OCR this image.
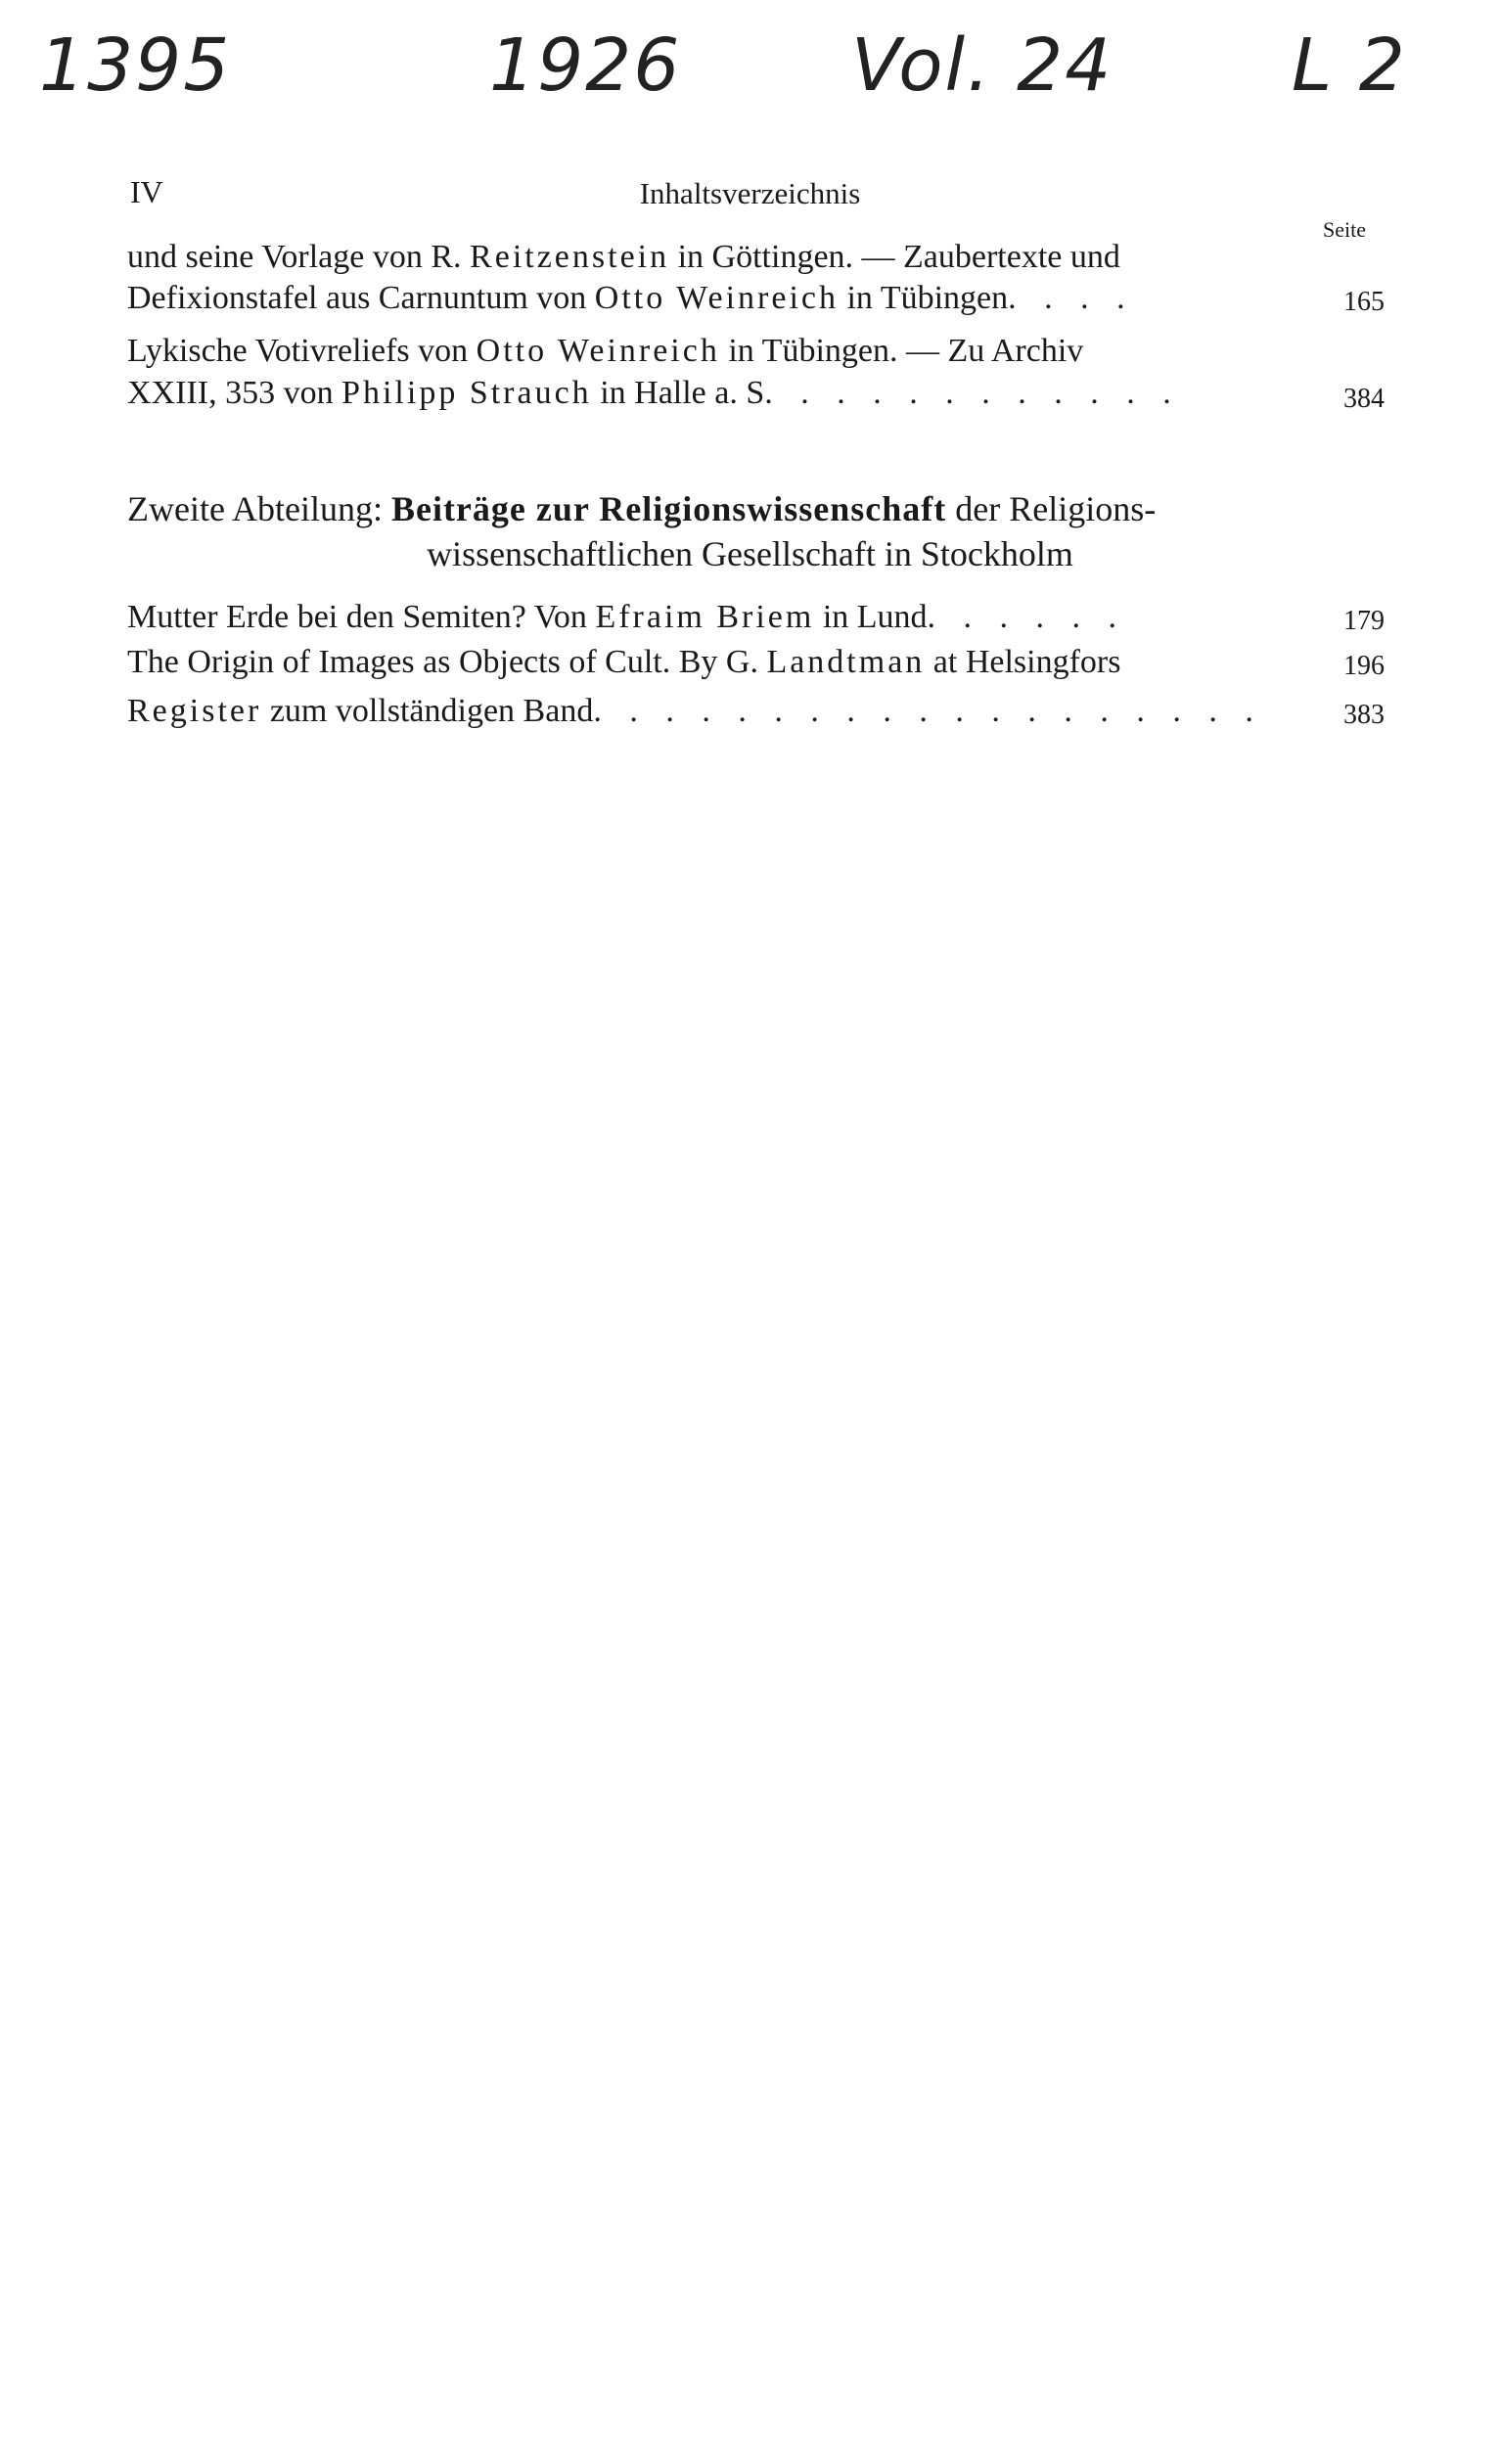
1395	1926 Vol. 24 L 2
IV	Inhaltsverzeichnis
Seite
und seine Vorlage von R. Reitzenstein in Göttingen. — Zaubertexte und
Defixionstafel aus Carnuntum von Otto Weinreich in Tübingen. . . .	165
Lykische Votivreliefs von Otto Weinreich in Tübingen. — Zu Archiv
XXIII, 353 von Philipp Strauch in Halle a. S. . . . . . . . . . . .	384
Zweite Abteilung: Beiträge zur Religionswissenschaft der Religions-
wissenschaftlichen Gesellschaft in Stockholm
Mutter Erde bei den Semiten? Von Efraim Briem in Lund. . . . . .	179
The Origin of Images as Objects of Cult. By G. Landtman at Helsingfors	196
Register zum vollständigen Band. . . . . . . . . . . . . . . . . . .	383
